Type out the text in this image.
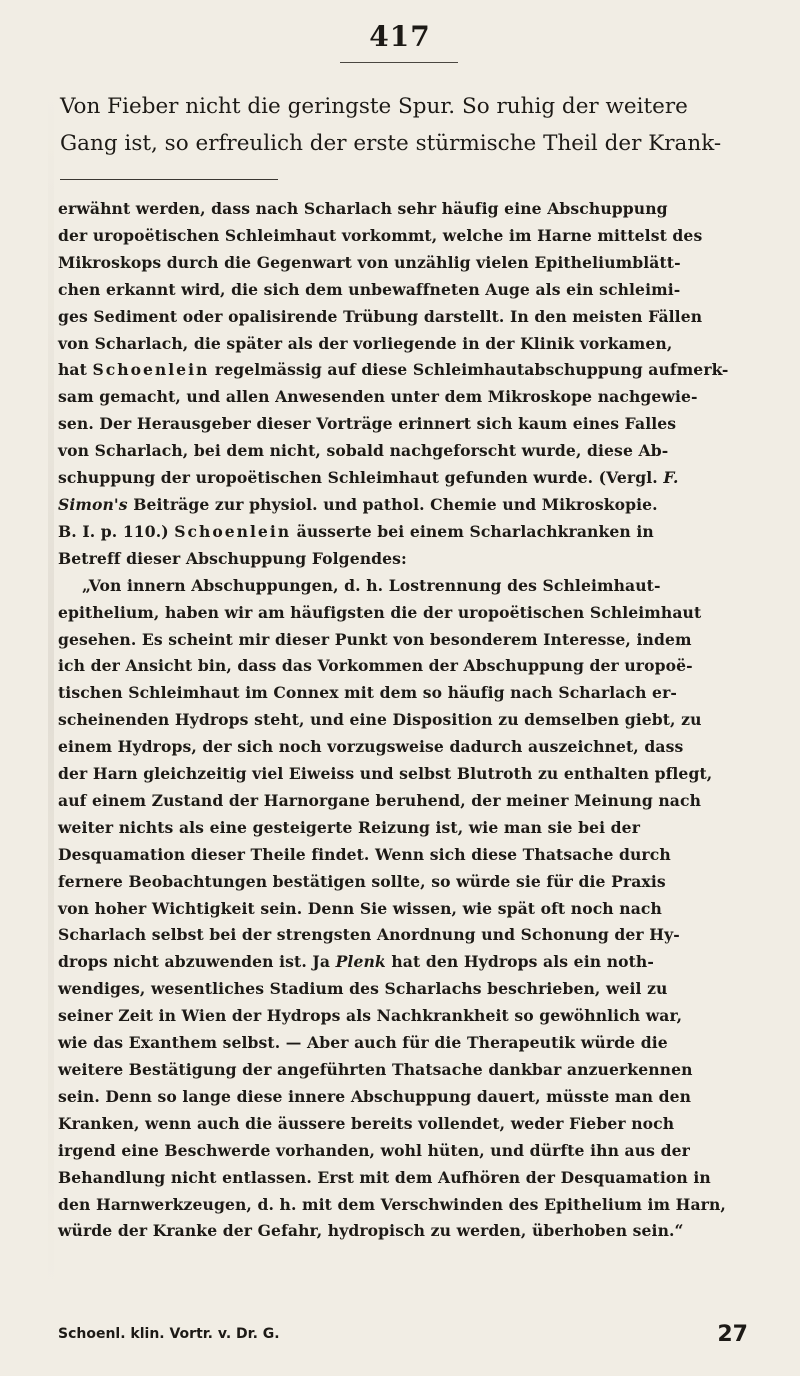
417
Von Fieber nicht die geringste Spur. So ruhig der weitere
Gang ist, so erfreulich der erste stürmische Theil der Krank-
erwähnt werden, dass nach Scharlach sehr häufig eine Abschuppung
der uropoëtischen Schleimhaut vorkommt, welche im Harne mittelst des
Mikroskops durch die Gegenwart von unzählig vielen Epitheliumblätt-
chen erkannt wird, die sich dem unbewaffneten Auge als ein schleimi-
ges Sediment oder opalisirende Trübung darstellt. In den meisten Fällen
von Scharlach, die später als der vorliegende in der Klinik vorkamen,
hat Schoenlein regelmässig auf diese Schleimhautabschuppung aufmerk-
sam gemacht, und allen Anwesenden unter dem Mikroskope nachgewie-
sen. Der Herausgeber dieser Vorträge erinnert sich kaum eines Falles
von Scharlach, bei dem nicht, sobald nachgeforscht wurde, diese Ab-
schuppung der uropoëtischen Schleimhaut gefunden wurde. (Vergl. F.
Simon's Beiträge zur physiol. und pathol. Chemie und Mikroskopie.
B. I. p. 110.) Schoenlein äusserte bei einem Scharlachkranken in
Betreff dieser Abschuppung Folgendes:
„Von innern Abschuppungen, d. h. Lostrennung des Schleimhaut-
epithelium, haben wir am häufigsten die der uropoëtischen Schleimhaut
gesehen. Es scheint mir dieser Punkt von besonderem Interesse, indem
ich der Ansicht bin, dass das Vorkommen der Abschuppung der uropoë-
tischen Schleimhaut im Connex mit dem so häufig nach Scharlach er-
scheinenden Hydrops steht, und eine Disposition zu demselben giebt, zu
einem Hydrops, der sich noch vorzugsweise dadurch auszeichnet, dass
der Harn gleichzeitig viel Eiweiss und selbst Blutroth zu enthalten pflegt,
auf einem Zustand der Harnorgane beruhend, der meiner Meinung nach
weiter nichts als eine gesteigerte Reizung ist, wie man sie bei der
Desquamation dieser Theile findet. Wenn sich diese Thatsache durch
fernere Beobachtungen bestätigen sollte, so würde sie für die Praxis
von hoher Wichtigkeit sein. Denn Sie wissen, wie spät oft noch nach
Scharlach selbst bei der strengsten Anordnung und Schonung der Hy-
drops nicht abzuwenden ist. Ja Plenk hat den Hydrops als ein noth-
wendiges, wesentliches Stadium des Scharlachs beschrieben, weil zu
seiner Zeit in Wien der Hydrops als Nachkrankheit so gewöhnlich war,
wie das Exanthem selbst. — Aber auch für die Therapeutik würde die
weitere Bestätigung der angeführten Thatsache dankbar anzuerkennen
sein. Denn so lange diese innere Abschuppung dauert, müsste man den
Kranken, wenn auch die äussere bereits vollendet, weder Fieber noch
irgend eine Beschwerde vorhanden, wohl hüten, und dürfte ihn aus der
Behandlung nicht entlassen. Erst mit dem Aufhören der Desquamation in
den Harnwerkzeugen, d. h. mit dem Verschwinden des Epithelium im Harn,
würde der Kranke der Gefahr, hydropisch zu werden, überhoben sein.“
Schoenl. klin. Vortr. v. Dr. G.	27
